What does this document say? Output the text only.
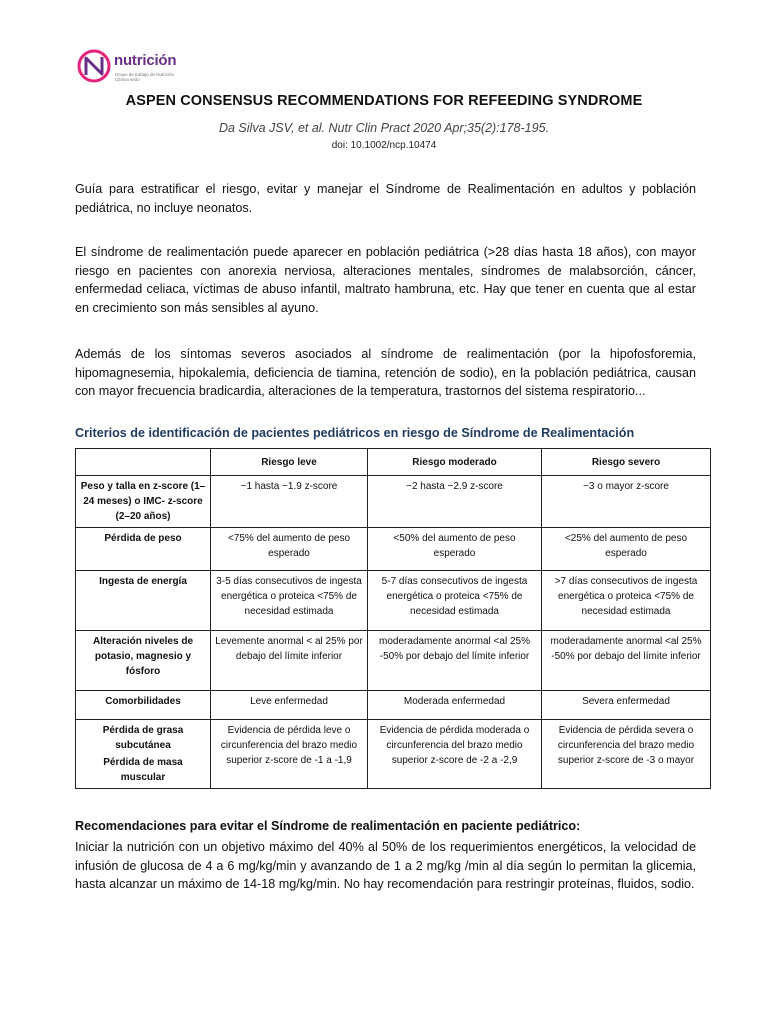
nutrición
Grupo de trabajo de Nutrición Clínica sedo
ASPEN CONSENSUS RECOMMENDATIONS FOR REFEEDING SYNDROME
Da Silva JSV, et al. Nutr Clin Pract 2020 Apr;35(2):178-195.
doi: 10.1002/ncp.10474
Guía para estratificar el riesgo, evitar y manejar el Síndrome de Realimentación en adultos y población pediátrica, no incluye neonatos.
El síndrome de realimentación puede aparecer en población pediátrica (>28 días hasta 18 años), con mayor riesgo en pacientes con anorexia nerviosa, alteraciones mentales, síndromes de malabsorción, cáncer, enfermedad celiaca, víctimas de abuso infantil, maltrato hambruna, etc. Hay que tener en cuenta que al estar en crecimiento son más sensibles al ayuno.
Además de los síntomas severos asociados al síndrome de realimentación (por la hipofosforemia, hipomagnesemia, hipokalemia, deficiencia de tiamina, retención de sodio), en la población pediátrica, causan con mayor frecuencia bradicardia, alteraciones de la temperatura, trastornos del sistema respiratorio...
Criterios de identificación de pacientes pediátricos en riesgo de Síndrome de Realimentación
	Riesgo leve	Riesgo moderado	Riesgo severo
Peso y talla en z-score (1–24 meses) o IMC- z-score (2–20 años)	−1 hasta −1.9 z-score	−2 hasta −2.9 z-score	−3 o mayor z-score
Pérdida de peso	<75% del aumento de peso esperado	<50% del aumento de peso esperado	<25% del aumento de peso esperado
Ingesta de energía	3-5 días consecutivos de ingesta energética o proteica <75% de necesidad estimada	5-7 días consecutivos de ingesta energética o proteica <75% de necesidad estimada	>7 días consecutivos de ingesta energética o proteica <75% de necesidad estimada
Alteración niveles de potasio, magnesio y fósforo	Levemente anormal < al 25% por debajo del límite inferior	moderadamente anormal <al 25% -50% por debajo del límite inferior	moderadamente anormal <al 25% -50% por debajo del límite inferior
Comorbilidades	Leve enfermedad	Moderada enfermedad	Severa enfermedad

Pérdida de grasa subcutánea
Pérdida de masa muscular	Evidencia de pérdida leve o circunferencia del brazo medio superior z-score de -1 a -1,9	Evidencia de pérdida moderada o circunferencia del brazo medio superior z-score de -2 a -2,9	Evidencia de pérdida severa o circunferencia del brazo medio superior z-score de -3 o mayor
Recomendaciones para evitar el Síndrome de realimentación en paciente pediátrico:
Iniciar la nutrición con un objetivo máximo del 40% al 50% de los requerimientos energéticos, la velocidad de infusión de glucosa de 4 a 6 mg/kg/min y avanzando de 1 a 2 mg/kg /min al día según lo permitan la glicemia, hasta alcanzar un máximo de 14-18 mg/kg/min. No hay recomendación para restringir proteínas, fluidos, sodio.
